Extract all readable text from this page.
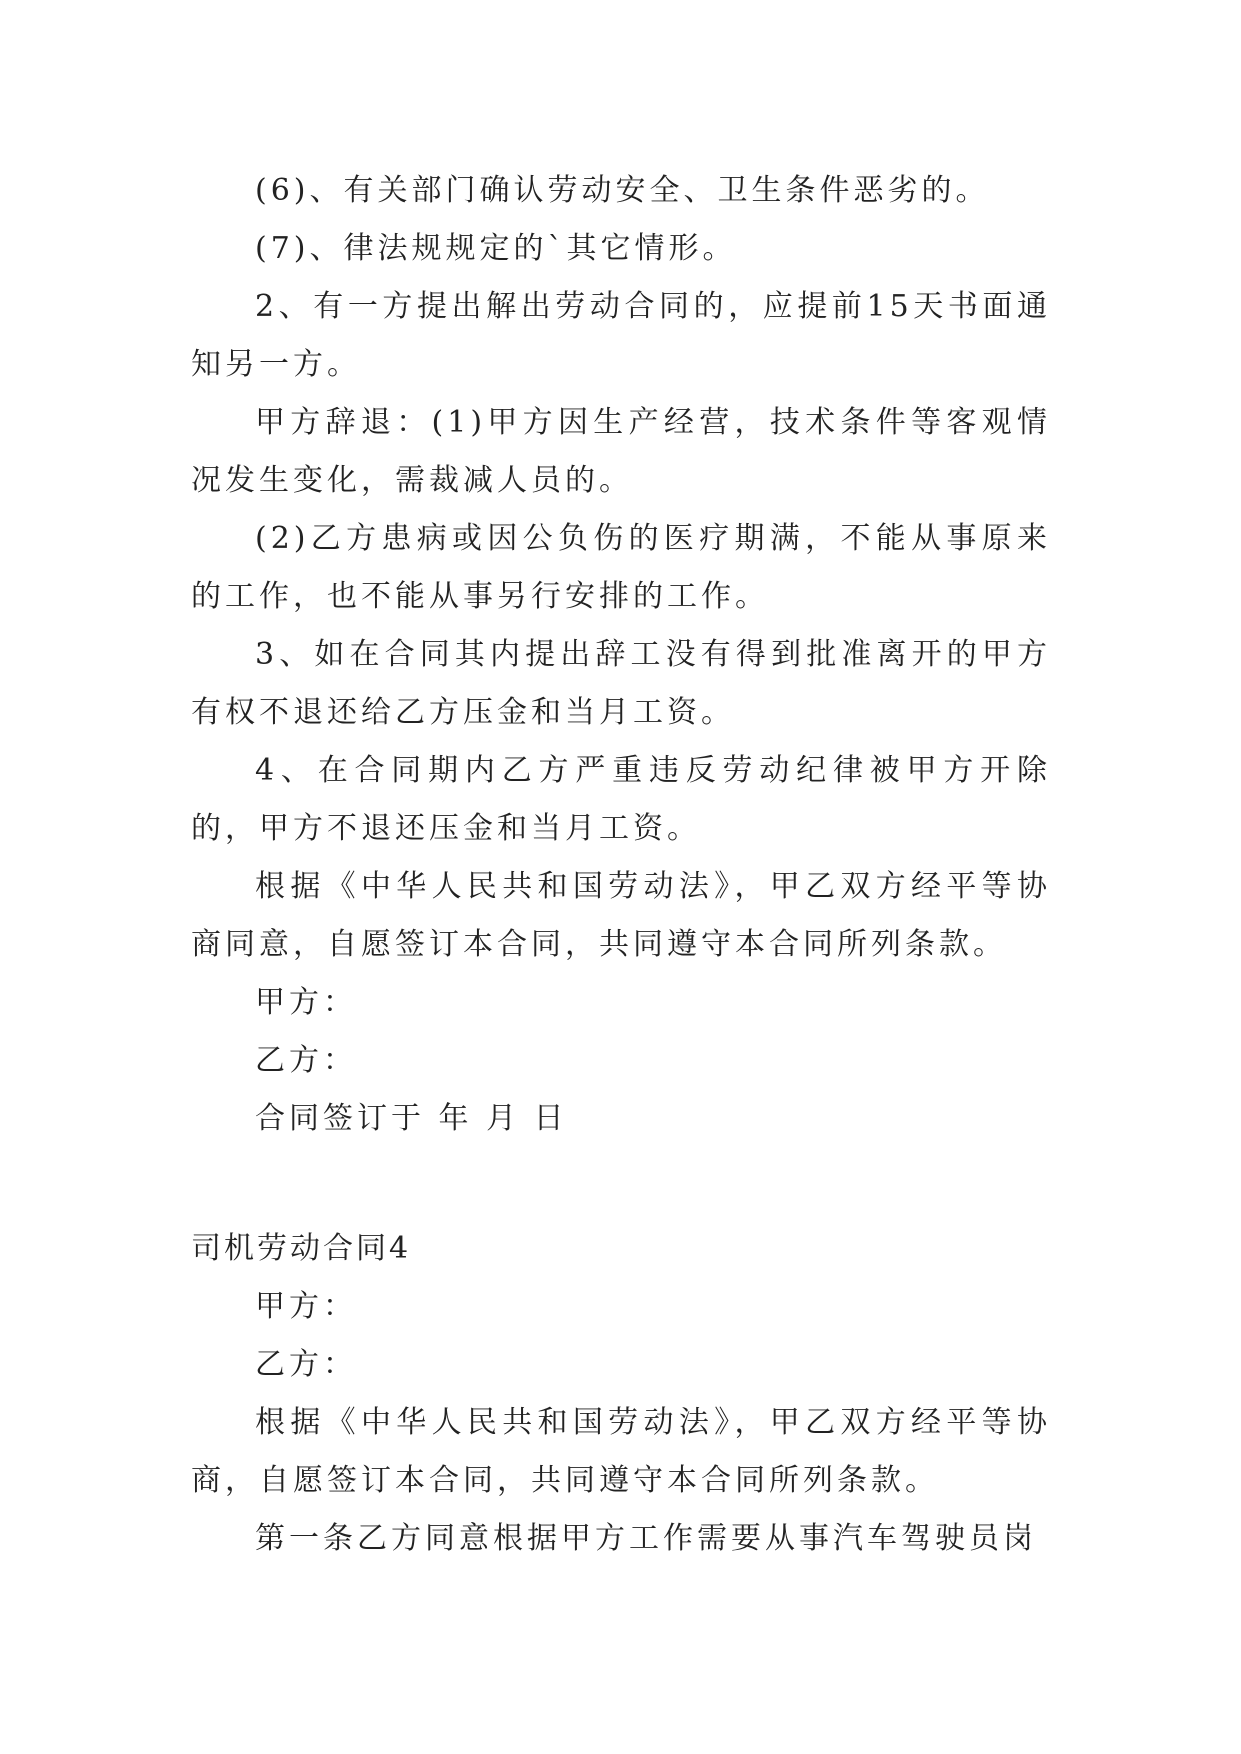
(6)、有关部门确认劳动安全、卫生条件恶劣的。

(7)、律法规规定的`其它情形。

2、有一方提出解出劳动合同的，应提前15天书面通知另一方。

甲方辞退：(1)甲方因生产经营，技术条件等客观情况发生变化，需裁减人员的。

(2)乙方患病或因公负伤的医疗期满，不能从事原来的工作，也不能从事另行安排的工作。

3、如在合同其内提出辞工没有得到批准离开的甲方有权不退还给乙方压金和当月工资。

4、在合同期内乙方严重违反劳动纪律被甲方开除的，甲方不退还压金和当月工资。

根据《中华人民共和国劳动法》，甲乙双方经平等协商同意，自愿签订本合同，共同遵守本合同所列条款。

甲方：

乙方：

合同签订于 年 月 日

司机劳动合同4

甲方：

乙方：

根据《中华人民共和国劳动法》，甲乙双方经平等协商，自愿签订本合同，共同遵守本合同所列条款。

第一条乙方同意根据甲方工作需要从事汽车驾驶员岗
